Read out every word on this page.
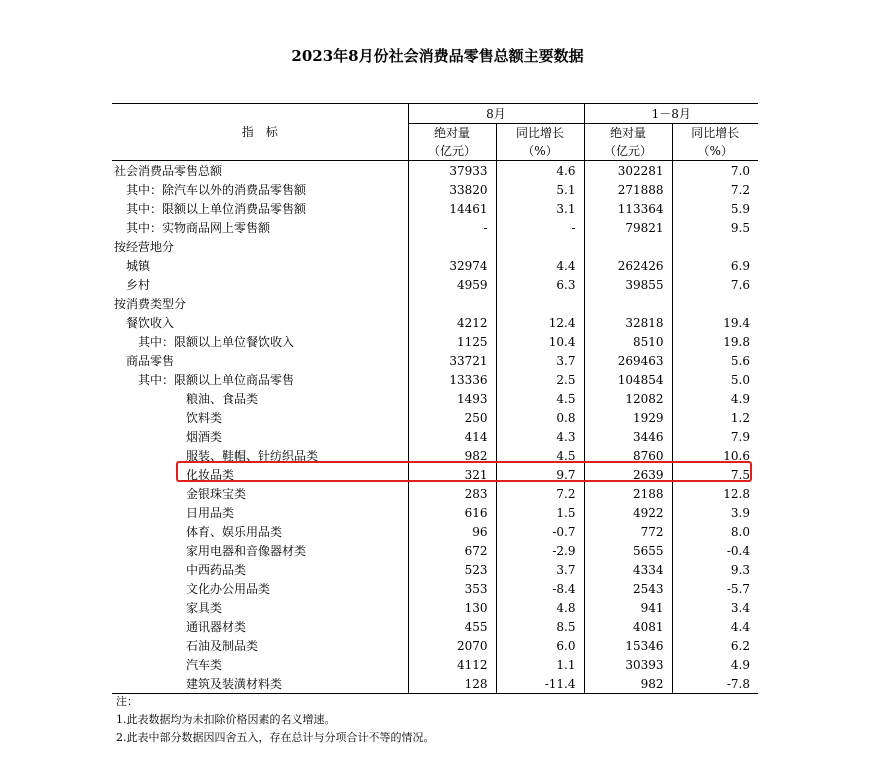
2023年8月份社会消费品零售总额主要数据
指　标	8月		1－8月	
	绝对量	同比增长	绝对量	同比增长
	（亿元）	（%）	（亿元）	（%）
社会消费品零售总额	37933	4.6	302281	7.0
其中：除汽车以外的消费品零售额	33820	5.1	271888	7.2
其中：限额以上单位消费品零售额	14461	3.1	113364	5.9
其中：实物商品网上零售额	-	-	79821	9.5
按经营地分				
城镇	32974	4.4	262426	6.9
乡村	4959	6.3	39855	7.6
按消费类型分				
餐饮收入	4212	12.4	32818	19.4
其中：限额以上单位餐饮收入	1125	10.4	8510	19.8
商品零售	33721	3.7	269463	5.6
其中：限额以上单位商品零售	13336	2.5	104854	5.0
粮油、食品类	1493	4.5	12082	4.9
饮料类	250	0.8	1929	1.2
烟酒类	414	4.3	3446	7.9
服装、鞋帽、针纺织品类	982	4.5	8760	10.6
化妆品类	321	9.7	2639	7.5
金银珠宝类	283	7.2	2188	12.8
日用品类	616	1.5	4922	3.9
体育、娱乐用品类	96	-0.7	772	8.0
家用电器和音像器材类	672	-2.9	5655	-0.4
中西药品类	523	3.7	4334	9.3
文化办公用品类	353	-8.4	2543	-5.7
家具类	130	4.8	941	3.4
通讯器材类	455	8.5	4081	4.4
石油及制品类	2070	6.0	15346	6.2
汽车类	4112	1.1	30393	4.9
建筑及装潢材料类	128	-11.4	982	-7.8
注：
1.此表数据均为未扣除价格因素的名义增速。
2.此表中部分数据因四舍五入，存在总计与分项合计不等的情况。
